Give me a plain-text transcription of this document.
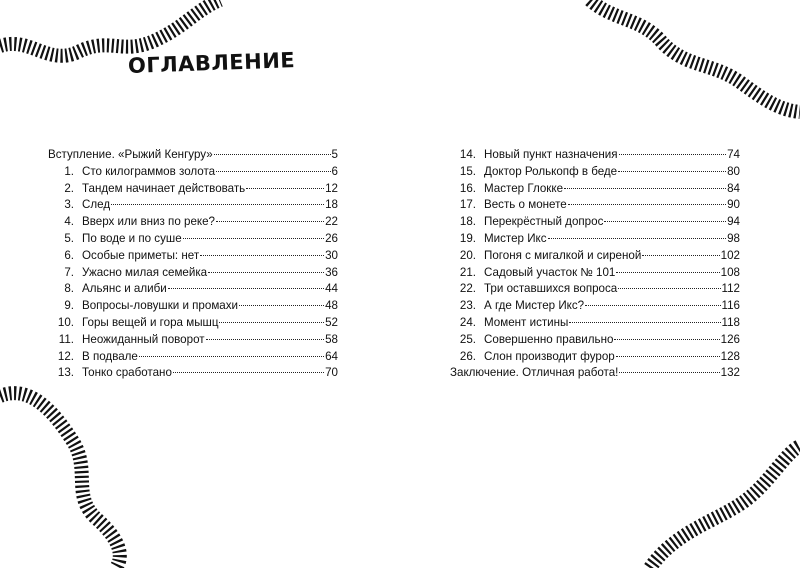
ОГЛАВЛЕНИЕ
Вступление. «Рыжий Кенгуру»	5
1. Сто килограммов золота	6
2. Тандем начинает действовать	12
3. След	18
4. Вверх или вниз по реке?	22
5. По воде и по суше	26
6. Особые приметы: нет	30
7. Ужасно милая семейка	36
8. Альянс и алиби	44
9. Вопросы-ловушки и промахи	48
10. Горы вещей и гора мышц	52
11. Неожиданный поворот	58
12. В подвале	64
13. Тонко сработано	70
14. Новый пункт назначения	74
15. Доктор Ролькопф в беде	80
16. Мастер Глокке	84
17. Весть о монете	90
18. Перекрёстный допрос	94
19. Мистер Икс	98
20. Погоня с мигалкой и сиреной	102
21. Садовый участок № 101	108
22. Три оставшихся вопроса	112
23. А где Мистер Икс?	116
24. Момент истины	118
25. Совершенно правильно	126
26. Слон производит фурор	128
Заключение. Отличная работа!	132
